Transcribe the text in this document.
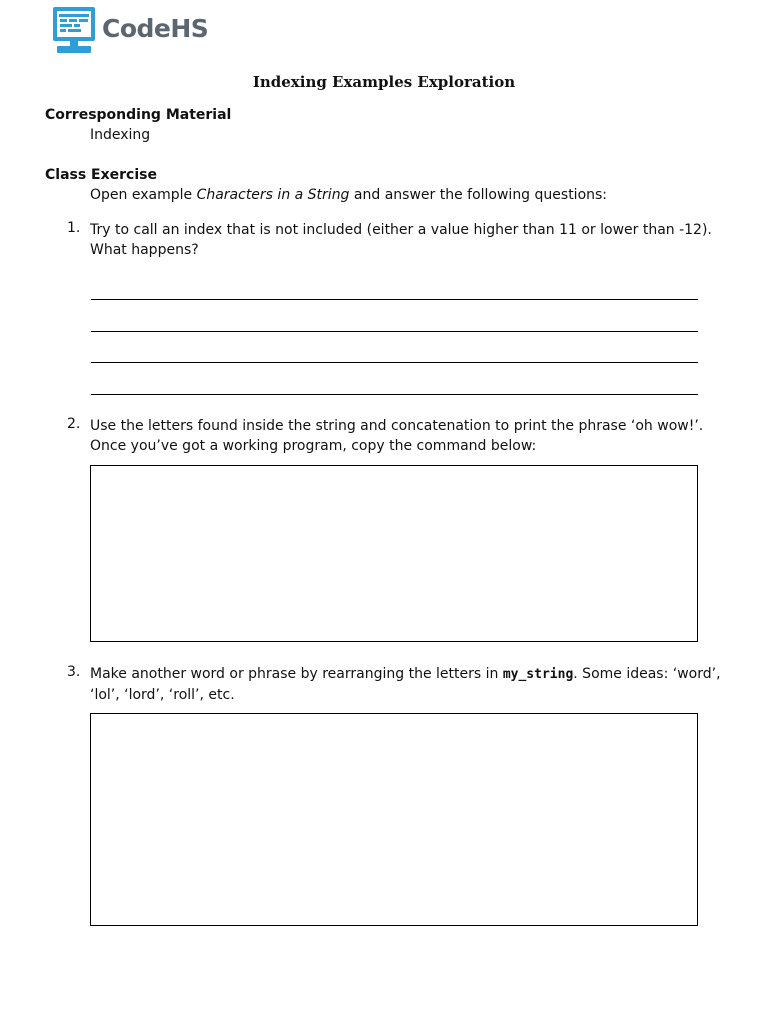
CodeHS
Indexing Examples Exploration
Corresponding Material
Indexing
Class Exercise
Open example Characters in a String and answer the following questions:
1. Try to call an index that is not included (either a value higher than 11 or lower than -12). What happens?
2. Use the letters found inside the string and concatenation to print the phrase ‘oh wow!’.
Once you’ve got a working program, copy the command below:
3. Make another word or phrase by rearranging the letters in my_string. Some ideas: ‘word’, ‘lol’, ‘lord’, ‘roll’, etc.
